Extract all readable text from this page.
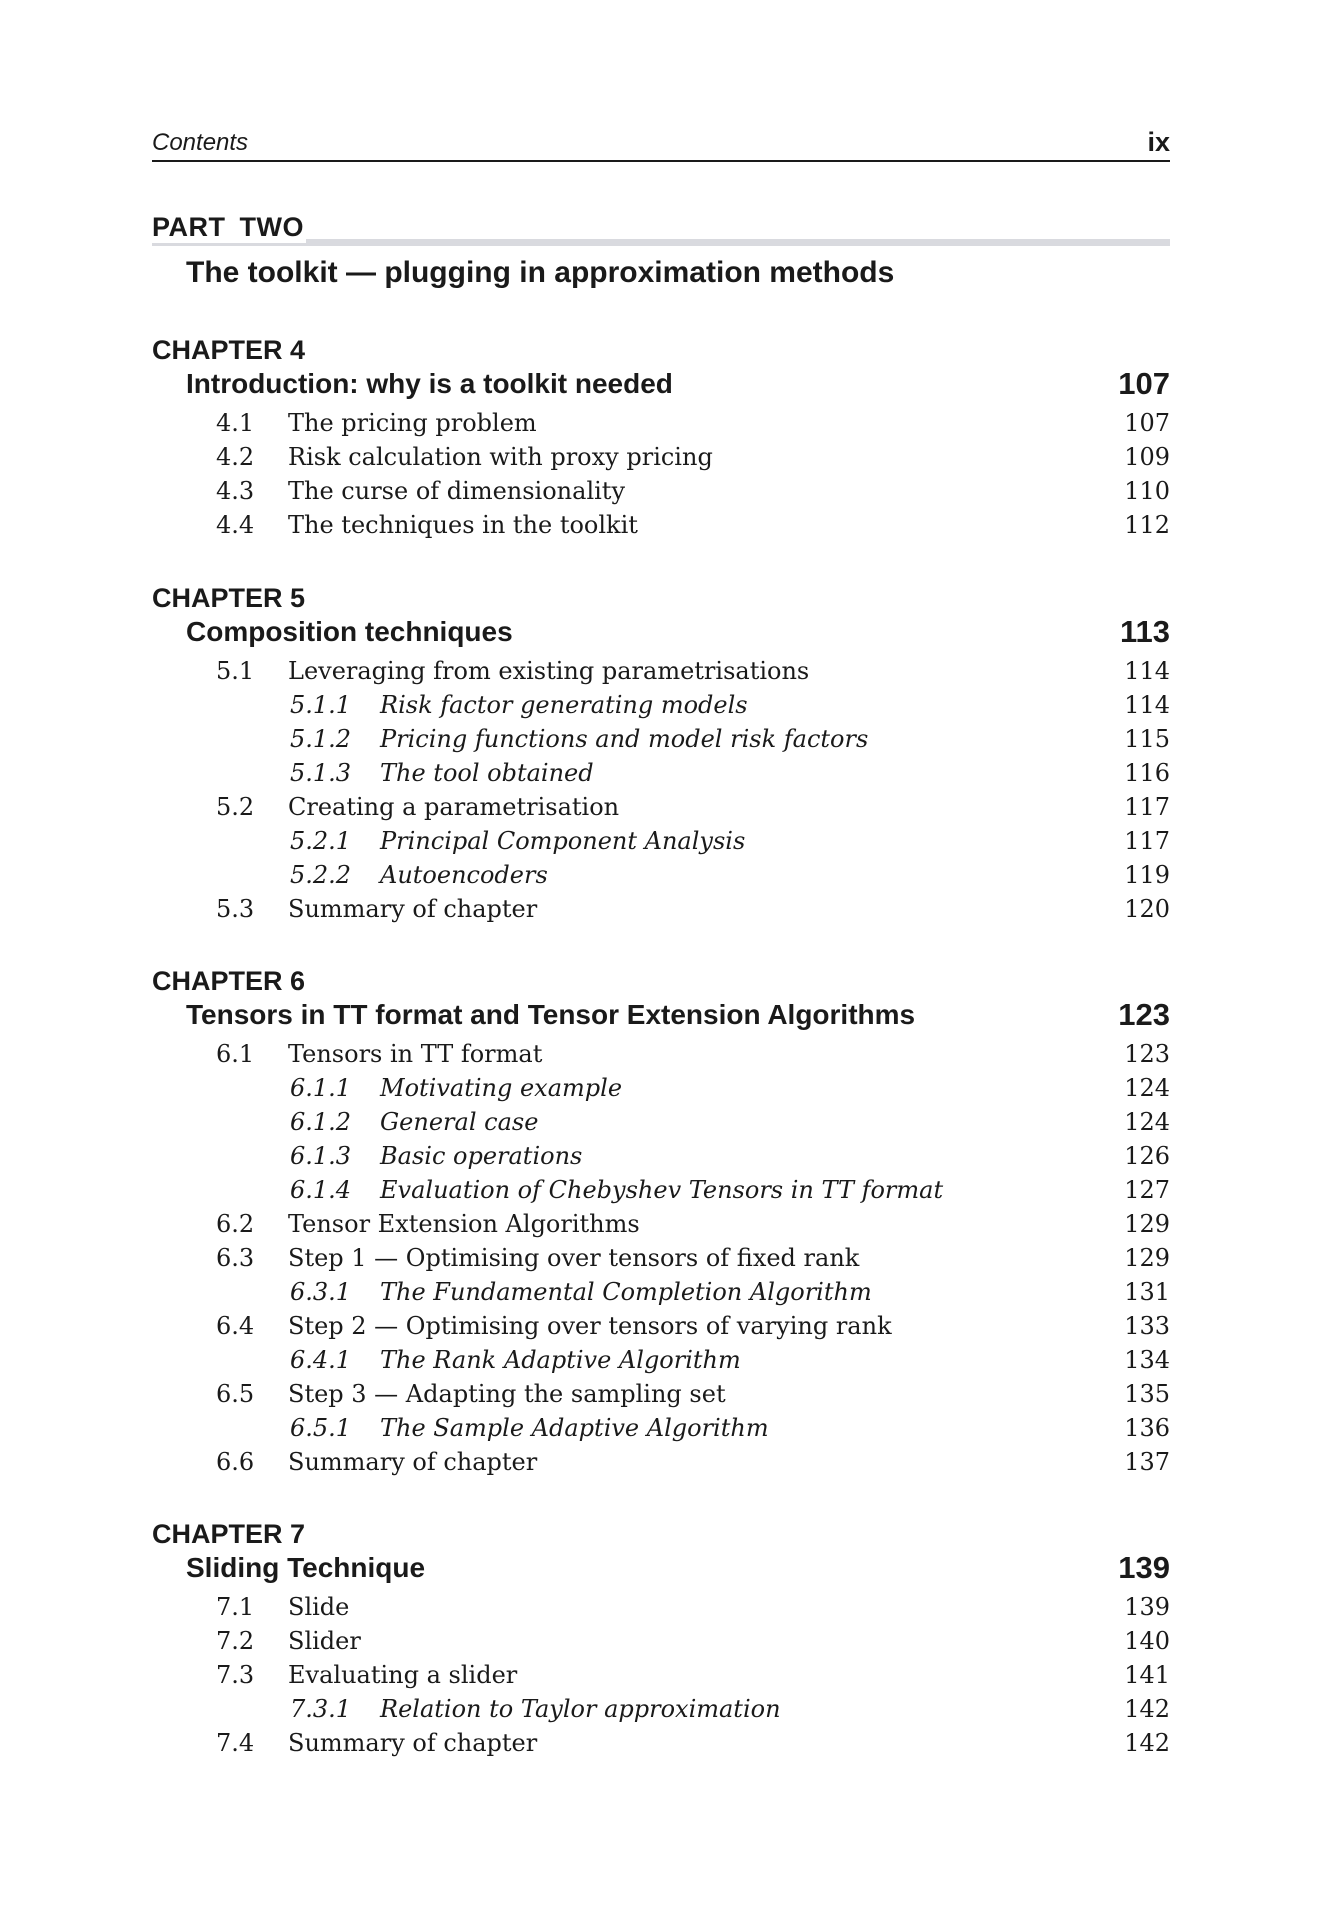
Contents	ix
PART TWO
The toolkit — plugging in approximation methods
CHAPTER 4
Introduction: why is a toolkit needed	107
4.1 The pricing problem	107
4.2 Risk calculation with proxy pricing	109
4.3 The curse of dimensionality	110
4.4 The techniques in the toolkit	112
CHAPTER 5
Composition techniques	113
5.1 Leveraging from existing parametrisations	114
5.1.1 Risk factor generating models	114
5.1.2 Pricing functions and model risk factors	115
5.1.3 The tool obtained	116
5.2 Creating a parametrisation	117
5.2.1 Principal Component Analysis	117
5.2.2 Autoencoders	119
5.3 Summary of chapter	120
CHAPTER 6
Tensors in TT format and Tensor Extension Algorithms	123
6.1 Tensors in TT format	123
6.1.1 Motivating example	124
6.1.2 General case	124
6.1.3 Basic operations	126
6.1.4 Evaluation of Chebyshev Tensors in TT format	127
6.2 Tensor Extension Algorithms	129
6.3 Step 1 — Optimising over tensors of fixed rank	129
6.3.1 The Fundamental Completion Algorithm	131
6.4 Step 2 — Optimising over tensors of varying rank	133
6.4.1 The Rank Adaptive Algorithm	134
6.5 Step 3 — Adapting the sampling set	135
6.5.1 The Sample Adaptive Algorithm	136
6.6 Summary of chapter	137
CHAPTER 7
Sliding Technique	139
7.1 Slide	139
7.2 Slider	140
7.3 Evaluating a slider	141
7.3.1 Relation to Taylor approximation	142
7.4 Summary of chapter	142
